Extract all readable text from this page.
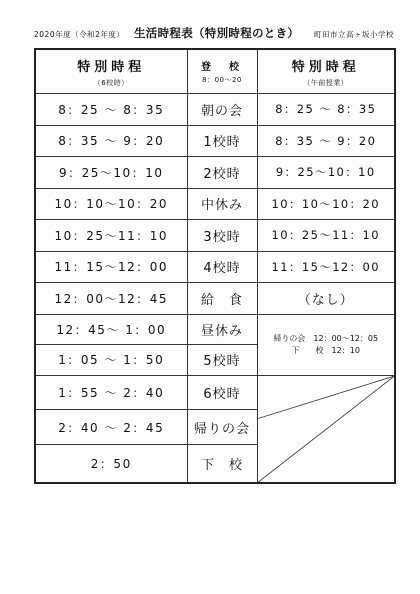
2020年度（令和2年度） 生活時程表（特別時程のとき） 町田市立高ヶ坂小学校
特別時程
（6校時）	登　校
8：00～20	特別時程
（午前授業）

8：25 ～ 8：35	朝の会	8：25 ～ 8：35
8：35 ～ 9：20	1校時	8：35 ～ 9：20
9：25～10：10	2校時	9：25～10：10
10：10～10：20	中休み	10：10～10：20
10：25～11：10	3校時	10：25～11：10
11：15～12：00	4校時	11：15～12：00
12：00～12：45	給　食	（なし）
12：45～ 1：00	昼休み	帰りの会　12：00～12：05
下　　校　12：10

1：05 ～ 1：50	5校時	
1：55 ～ 2：40	6校時	

2：40 ～ 2：45	帰りの会	
2：50	下　校	
